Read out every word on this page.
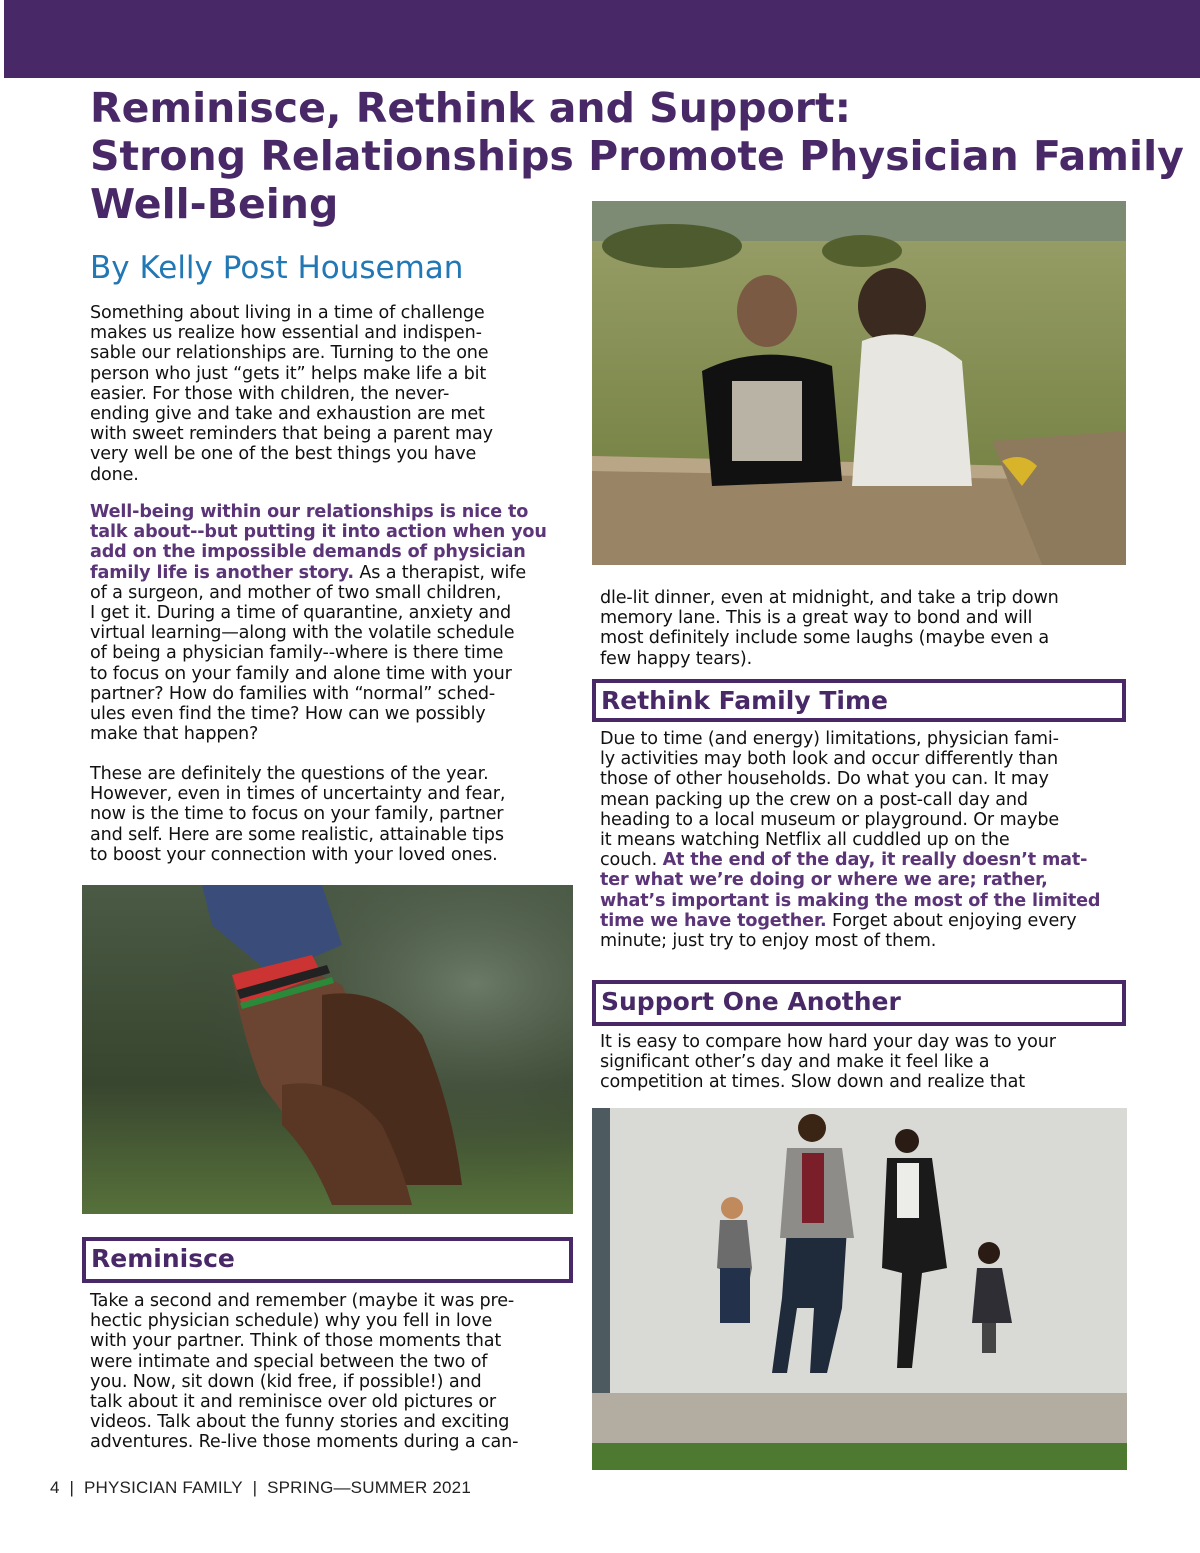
Reminisce, Rethink and Support:
Strong Relationships Promote Physician Family
Well-Being
By Kelly Post Houseman
Something about living in a time of challenge
makes us realize how essential and indispen-
sable our relationships are. Turning to the one
person who just “gets it” helps make life a bit
easier. For those with children, the never-
ending give and take and exhaustion are met
with sweet reminders that being a parent may
very well be one of the best things you have
done.
Well-being within our relationships is nice to
talk about--but putting it into action when you
add on the impossible demands of physician
family life is another story. As a therapist, wife
of a surgeon, and mother of two small children,
I get it. During a time of quarantine, anxiety and
virtual learning—along with the volatile schedule
of being a physician family--where is there time
to focus on your family and alone time with your
partner? How do families with “normal” sched-
ules even find the time? How can we possibly
make that happen?
These are definitely the questions of the year.
However, even in times of uncertainty and fear,
now is the time to focus on your family, partner
and self. Here are some realistic, attainable tips
to boost your connection with your loved ones.
Reminisce
Take a second and remember (maybe it was pre-
hectic physician schedule) why you fell in love
with your partner. Think of those moments that
were intimate and special between the two of
you. Now, sit down (kid free, if possible!) and
talk about it and reminisce over old pictures or
videos. Talk about the funny stories and exciting
adventures. Re-live those moments during a can-
dle-lit dinner, even at midnight, and take a trip down
memory lane. This is a great way to bond and will
most definitely include some laughs (maybe even a
few happy tears).
Rethink Family Time
Due to time (and energy) limitations, physician fami-
ly activities may both look and occur differently than
those of other households. Do what you can. It may
mean packing up the crew on a post-call day and
heading to a local museum or playground. Or maybe
it means watching Netflix all cuddled up on the
couch. At the end of the day, it really doesn’t mat-
ter what we’re doing or where we are; rather,
what’s important is making the most of the limited
time we have together. Forget about enjoying every
minute; just try to enjoy most of them.
Support One Another
It is easy to compare how hard your day was to your
significant other’s day and make it feel like a
competition at times. Slow down and realize that
4 | PHYSICIAN FAMILY | SPRING—SUMMER 2021
